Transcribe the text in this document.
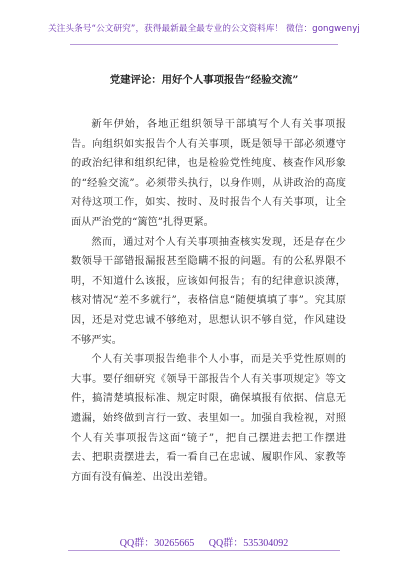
关注头条号“公文研究”，获得最新最全最专业的公文资料库！ 微信：gongwenyj
党建评论：用好个人事项报告“经验交流”

新年伊始，各地正组织领导干部填写个人有关事项报告。向组织如实报告个人有关事项，既是领导干部必须遵守的政治纪律和组织纪律，也是检验党性纯度、核查作风形象的“经验交流”。必须带头执行，以身作则，从讲政治的高度对待这项工作，如实、按时、及时报告个人有关事项，让全面从严治党的“篱笆”扎得更紧。

然而，通过对个人有关事项抽查核实发现，还是存在少数领导干部错报漏报甚至隐瞒不报的问题。有的公私界限不明，不知道什么该报，应该如何报告；有的纪律意识淡薄，核对情况“差不多就行”，表格信息“随便填填了事”。究其原因，还是对党忠诚不够绝对，思想认识不够自觉，作风建设不够严实。

个人有关事项报告绝非个人小事，而是关乎党性原则的大事。要仔细研究《领导干部报告个人有关事项规定》等文件，搞清楚填报标准、规定时限，确保填报有依据、信息无遗漏，始终做到言行一致、表里如一。加强自我检视，对照个人有关事项报告这面“镜子”，把自己摆进去把工作摆进去、把职责摆进去，看一看自己在忠诚、履职作风、家教等方面有没有偏差、出没出差错。

QQ群：30265665 QQ群：535304092
